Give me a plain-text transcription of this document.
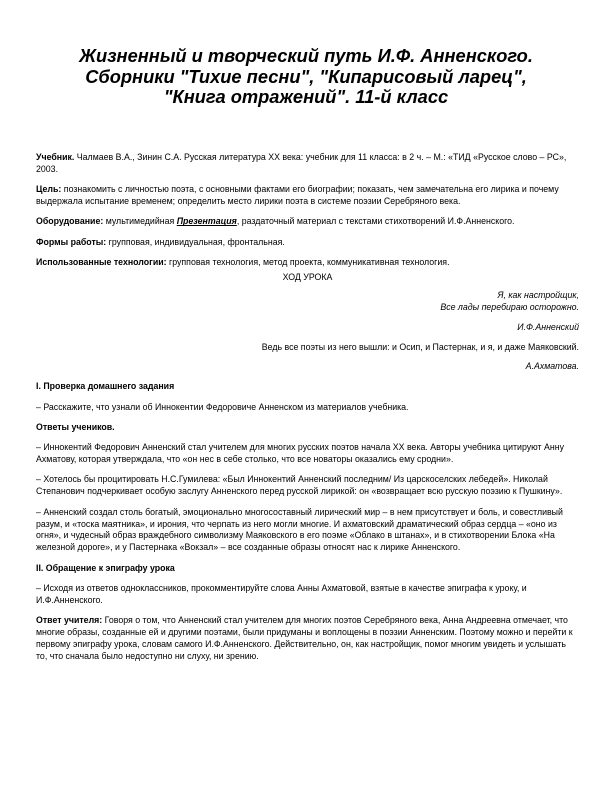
Жизненный и творческий путь И.Ф. Анненского.
Сборники "Тихие песни", "Кипарисовый ларец",
"Книга отражений". 11-й класс

Учебник. Чалмаев В.А., Зинин С.А. Русская литература XX века: учебник для 11 класса: в 2 ч. – М.: «ТИД «Русское слово – РС», 2003.

Цель: познакомить с личностью поэта, с основными фактами его биографии; показать, чем замечательна его лирика и почему выдержала испытание временем; определить место лирики поэта в системе поэзии Серебряного века.

Оборудование: мультимедийная Презентация, раздаточный материал с текстами стихотворений И.Ф.Анненского.

Формы работы: групповая, индивидуальная, фронтальная.

Использованные технологии: групповая технология, метод проекта, коммуникативная технология.

ХОД УРОКА

Я, как настройщик,
Все лады перебираю осторожно.
И.Ф.Анненский
Ведь все поэты из него вышли: и Осип, и Пастернак, и я, и даже Маяковский.
А.Ахматова.

I. Проверка домашнего задания

– Расскажите, что узнали об Иннокентии Федоровиче Анненском из материалов учебника.

Ответы учеников.

– Иннокентий Федорович Анненский стал учителем для многих русских поэтов начала XX века. Авторы учебника цитируют Анну Ахматову, которая утверждала, что «он нес в себе столько, что все новаторы оказались ему сродни».

– Хотелось бы процитировать Н.С.Гумилева: «Был Иннокентий Анненский последним/ Из царскоселских лебедей». Николай Степанович подчеркивает особую заслугу Анненского перед русской лирикой: он «возвращает всю русскую поэзию к Пушкину».

– Анненский создал столь богатый, эмоционально многосоставный лирический мир – в нем присутствует и боль, и совестливый разум, и «тоска маятника», и ирония, что черпать из него могли многие. И ахматовский драматический образ сердца – «оно из огня», и чудесный образ враждебного символизму Маяковского в его поэме «Облако в штанах», и в стихотворении Блока «На железной дороге», и у Пастернака «Вокзал» – все созданные образы относят нас к лирике Анненского.

II. Обращение к эпиграфу урока

– Исходя из ответов одноклассников, прокомментируйте слова Анны Ахматовой, взятые в качестве эпиграфа к уроку, и И.Ф.Анненского.

Ответ учителя: Говоря о том, что Анненский стал учителем для многих поэтов Серебряного века, Анна Андреевна отмечает, что многие образы, созданные ей и другими поэтами, были придуманы и воплощены в поэзии Анненским. Поэтому можно и перейти к первому эпиграфу урока, словам самого И.Ф.Анненского. Действительно, он, как настройщик, помог многим увидеть и услышать то, что сначала было недоступно ни слуху, ни зрению.
